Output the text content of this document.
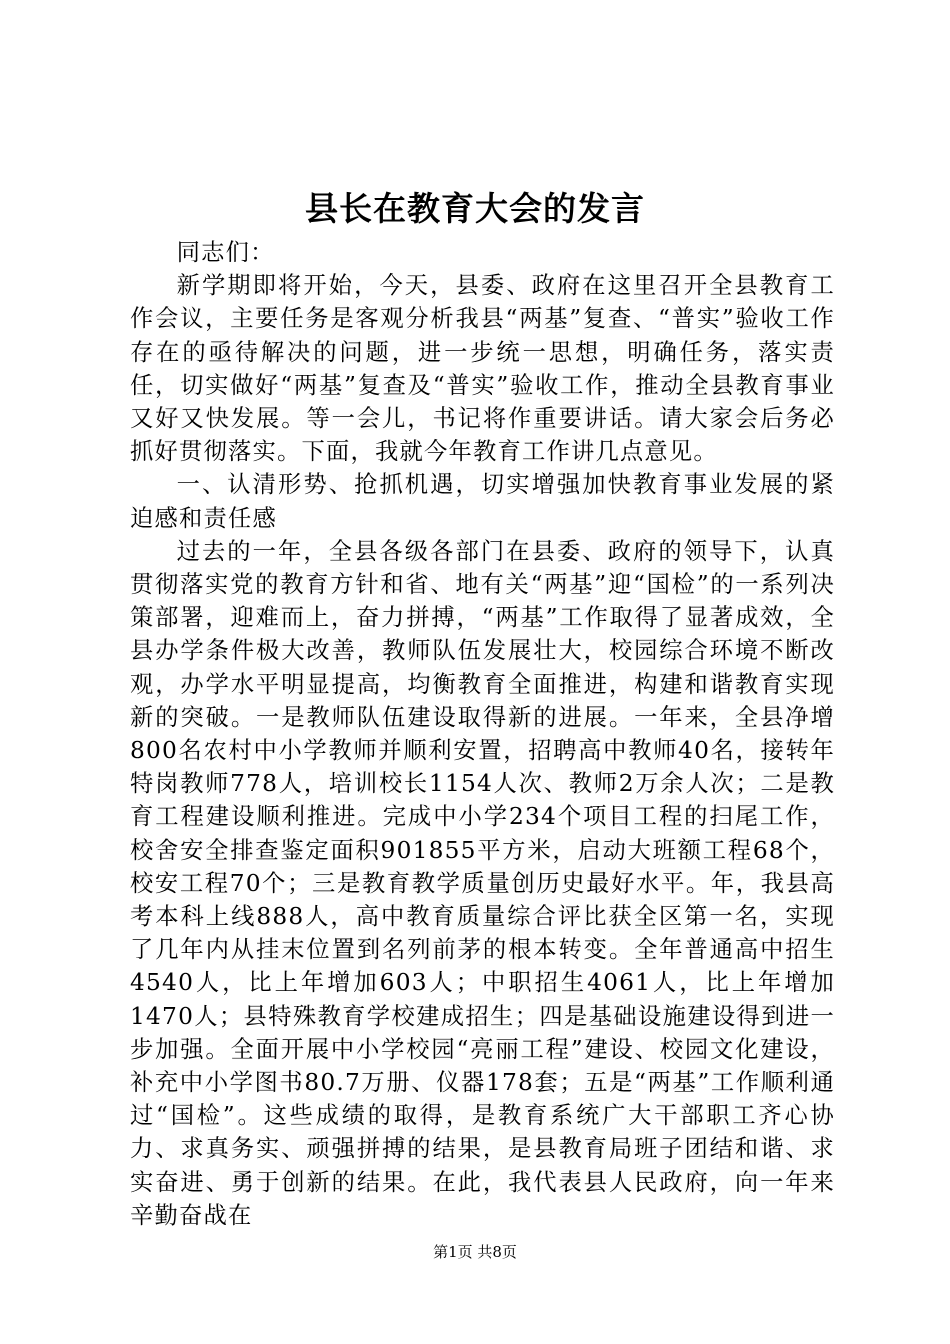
县长在教育大会的发言

同志们：

新学期即将开始，今天，县委、政府在这里召开全县教育工作会议，主要任务是客观分析我县“两基”复查、“普实”验收工作存在的亟待解决的问题，进一步统一思想，明确任务，落实责任，切实做好“两基”复查及“普实”验收工作，推动全县教育事业又好又快发展。等一会儿，书记将作重要讲话。请大家会后务必抓好贯彻落实。下面，我就今年教育工作讲几点意见。

一、认清形势、抢抓机遇，切实增强加快教育事业发展的紧迫感和责任感

过去的一年，全县各级各部门在县委、政府的领导下，认真贯彻落实党的教育方针和省、地有关“两基”迎“国检”的一系列决策部署，迎难而上，奋力拼搏，“两基”工作取得了显著成效，全县办学条件极大改善，教师队伍发展壮大，校园综合环境不断改观，办学水平明显提高，均衡教育全面推进，构建和谐教育实现新的突破。一是教师队伍建设取得新的进展。一年来，全县净增800名农村中小学教师并顺利安置，招聘高中教师40名，接转年特岗教师778人，培训校长1154人次、教师2万余人次；二是教育工程建设顺利推进。完成中小学234个项目工程的扫尾工作，校舍安全排查鉴定面积901855平方米，启动大班额工程68个，校安工程70个；三是教育教学质量创历史最好水平。年，我县高考本科上线888人，高中教育质量综合评比获全区第一名，实现了几年内从挂末位置到名列前茅的根本转变。全年普通高中招生4540人，比上年增加603人；中职招生4061人，比上年增加1470人；县特殊教育学校建成招生；四是基础设施建设得到进一步加强。全面开展中小学校园“亮丽工程”建设、校园文化建设，补充中小学图书80.7万册、仪器178套；五是“两基”工作顺利通过“国检”。这些成绩的取得，是教育系统广大干部职工齐心协力、求真务实、顽强拼搏的结果，是县教育局班子团结和谐、求实奋进、勇于创新的结果。在此，我代表县人民政府，向一年来辛勤奋战在

第1页 共8页
